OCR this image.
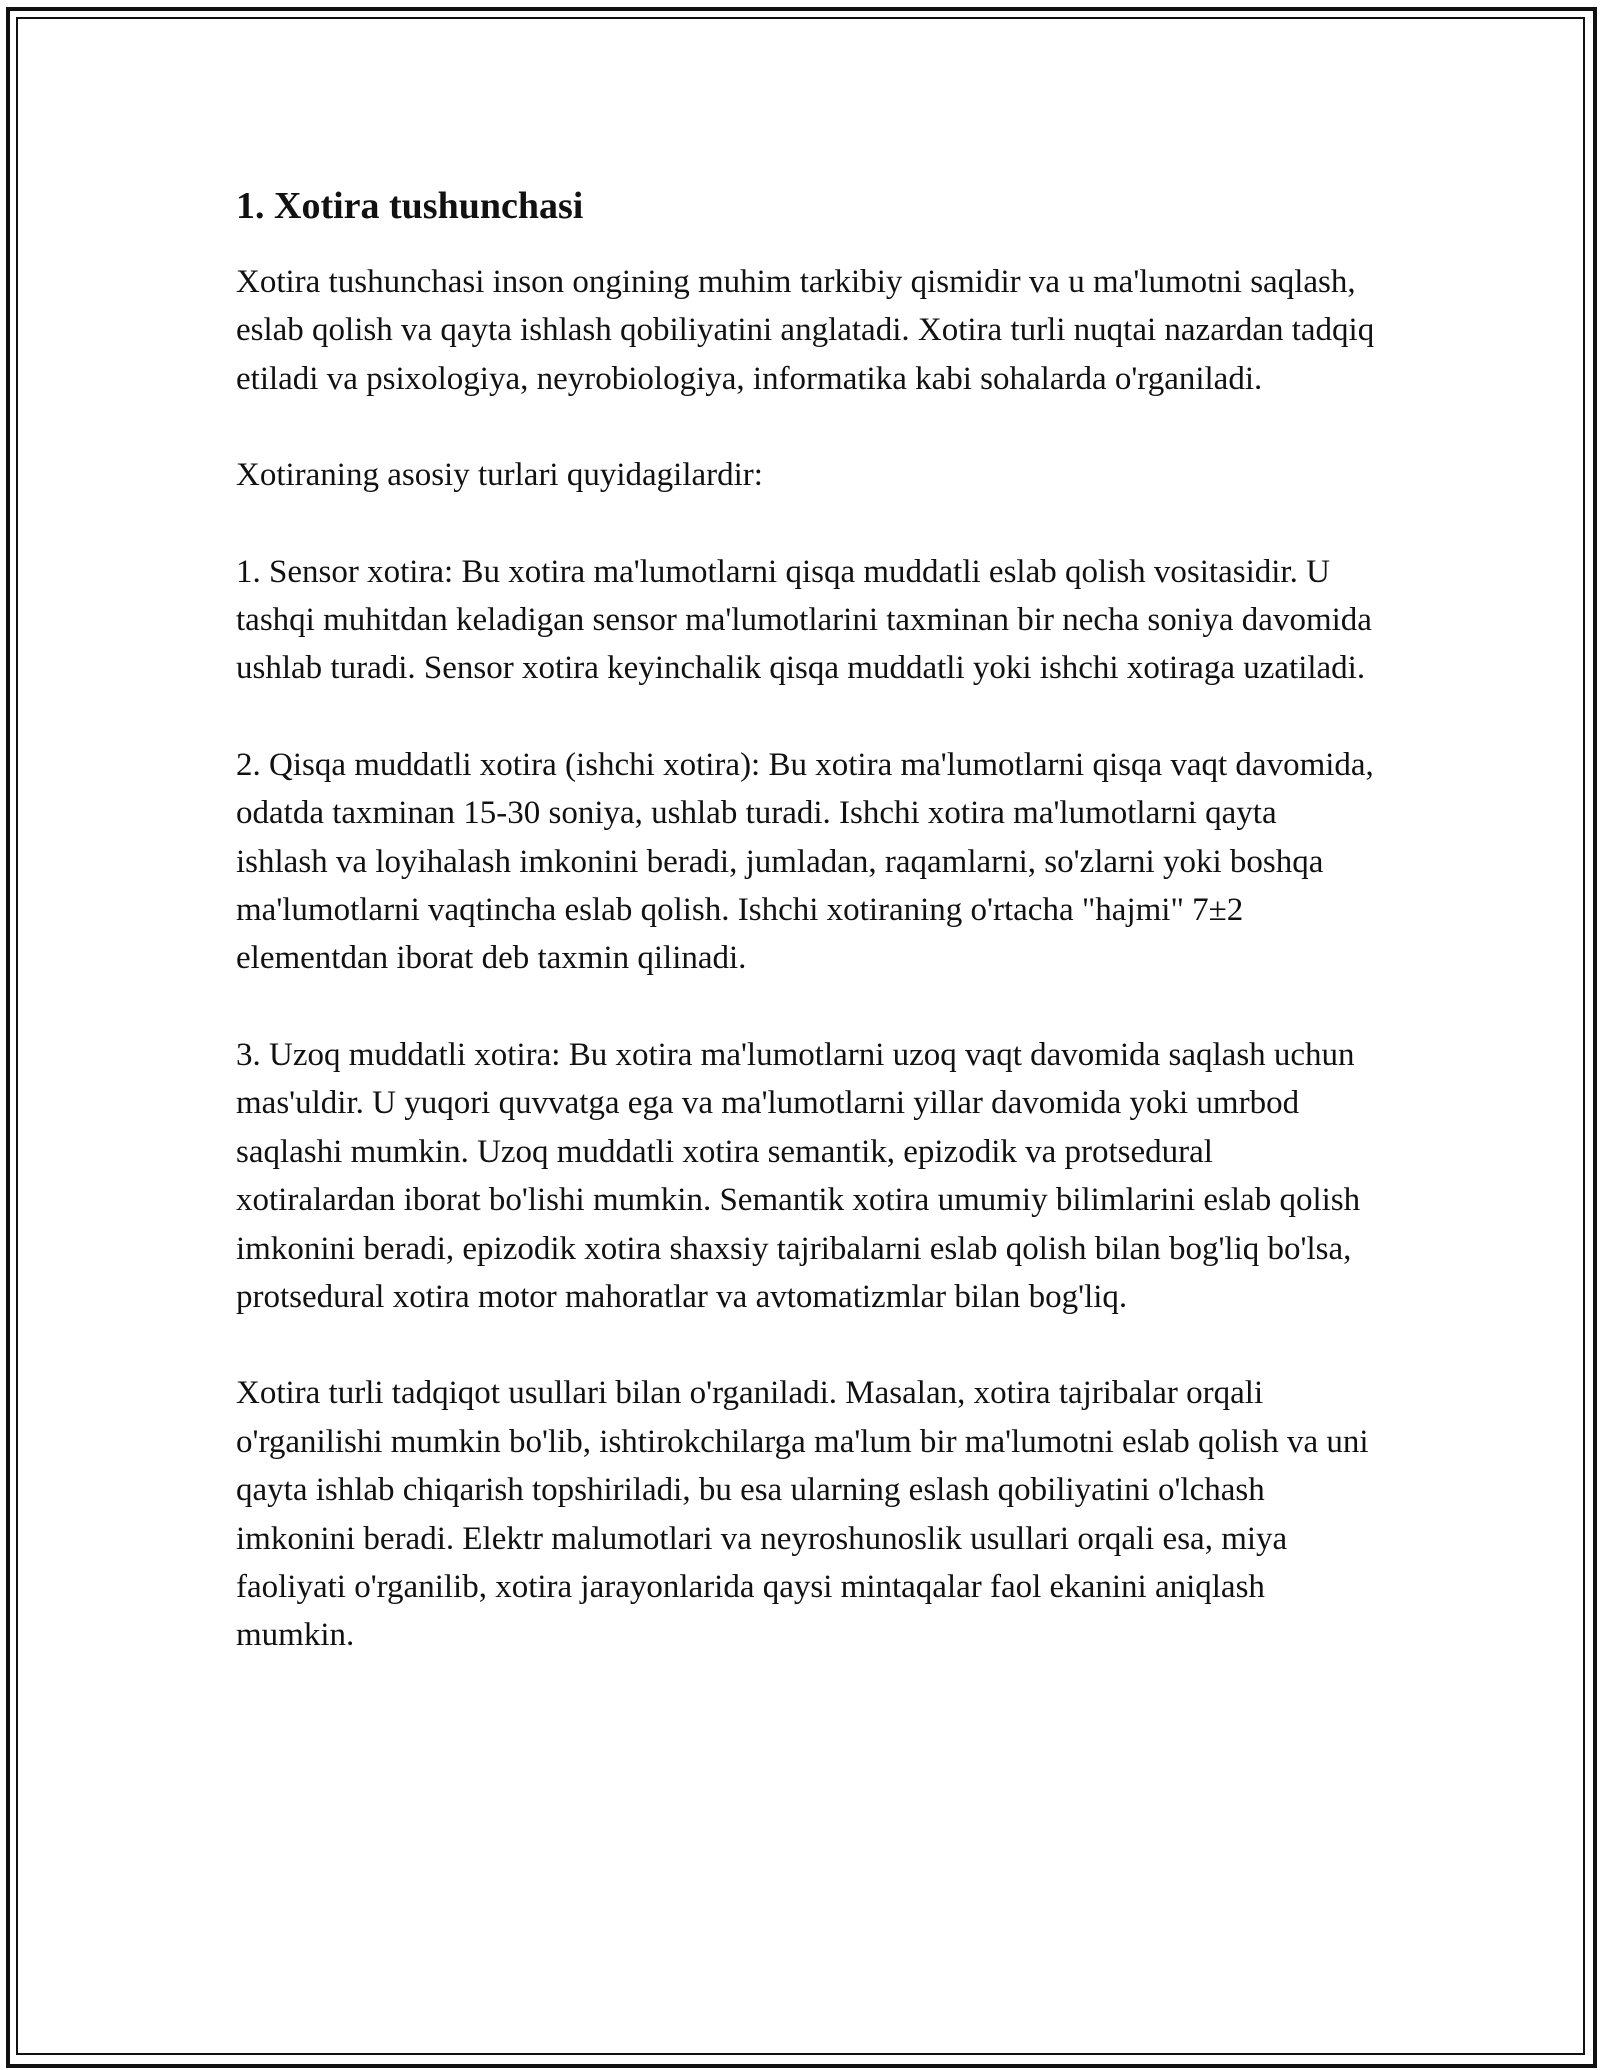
1. Xotira tushunchasi

Xotira tushunchasi inson ongining muhim tarkibiy qismidir va u ma'lumotni saqlash, eslab qolish va qayta ishlash qobiliyatini anglatadi. Xotira turli nuqtai nazardan tadqiq etiladi va psixologiya, neyrobiologiya, informatika kabi sohalarda o'rganiladi.

Xotiraning asosiy turlari quyidagilardir:

1. Sensor xotira: Bu xotira ma'lumotlarni qisqa muddatli eslab qolish vositasidir. U tashqi muhitdan keladigan sensor ma'lumotlarini taxminan bir necha soniya davomida ushlab turadi. Sensor xotira keyinchalik qisqa muddatli yoki ishchi xotiraga uzatiladi.

2. Qisqa muddatli xotira (ishchi xotira): Bu xotira ma'lumotlarni qisqa vaqt davomida, odatda taxminan 15-30 soniya, ushlab turadi. Ishchi xotira ma'lumotlarni qayta ishlash va loyihalash imkonini beradi, jumladan, raqamlarni, so'zlarni yoki boshqa ma'lumotlarni vaqtincha eslab qolish. Ishchi xotiraning o'rtacha "hajmi" 7±2 elementdan iborat deb taxmin qilinadi.

3. Uzoq muddatli xotira: Bu xotira ma'lumotlarni uzoq vaqt davomida saqlash uchun mas'uldir. U yuqori quvvatga ega va ma'lumotlarni yillar davomida yoki umrbod saqlashi mumkin. Uzoq muddatli xotira semantik, epizodik va protsedural xotiralardan iborat bo'lishi mumkin. Semantik xotira umumiy bilimlarini eslab qolish imkonini beradi, epizodik xotira shaxsiy tajribalarni eslab qolish bilan bog'liq bo'lsa, protsedural xotira motor mahoratlar va avtomatizmlar bilan bog'liq.

Xotira turli tadqiqot usullari bilan o'rganiladi. Masalan, xotira tajribalar orqali o'rganilishi mumkin bo'lib, ishtirokchilarga ma'lum bir ma'lumotni eslab qolish va uni qayta ishlab chiqarish topshiriladi, bu esa ularning eslash qobiliyatini o'lchash imkonini beradi. Elektr malumotlari va neyroshunoslik usullari orqali esa, miya faoliyati o'rganilib, xotira jarayonlarida qaysi mintaqalar faol ekanini aniqlash mumkin.
